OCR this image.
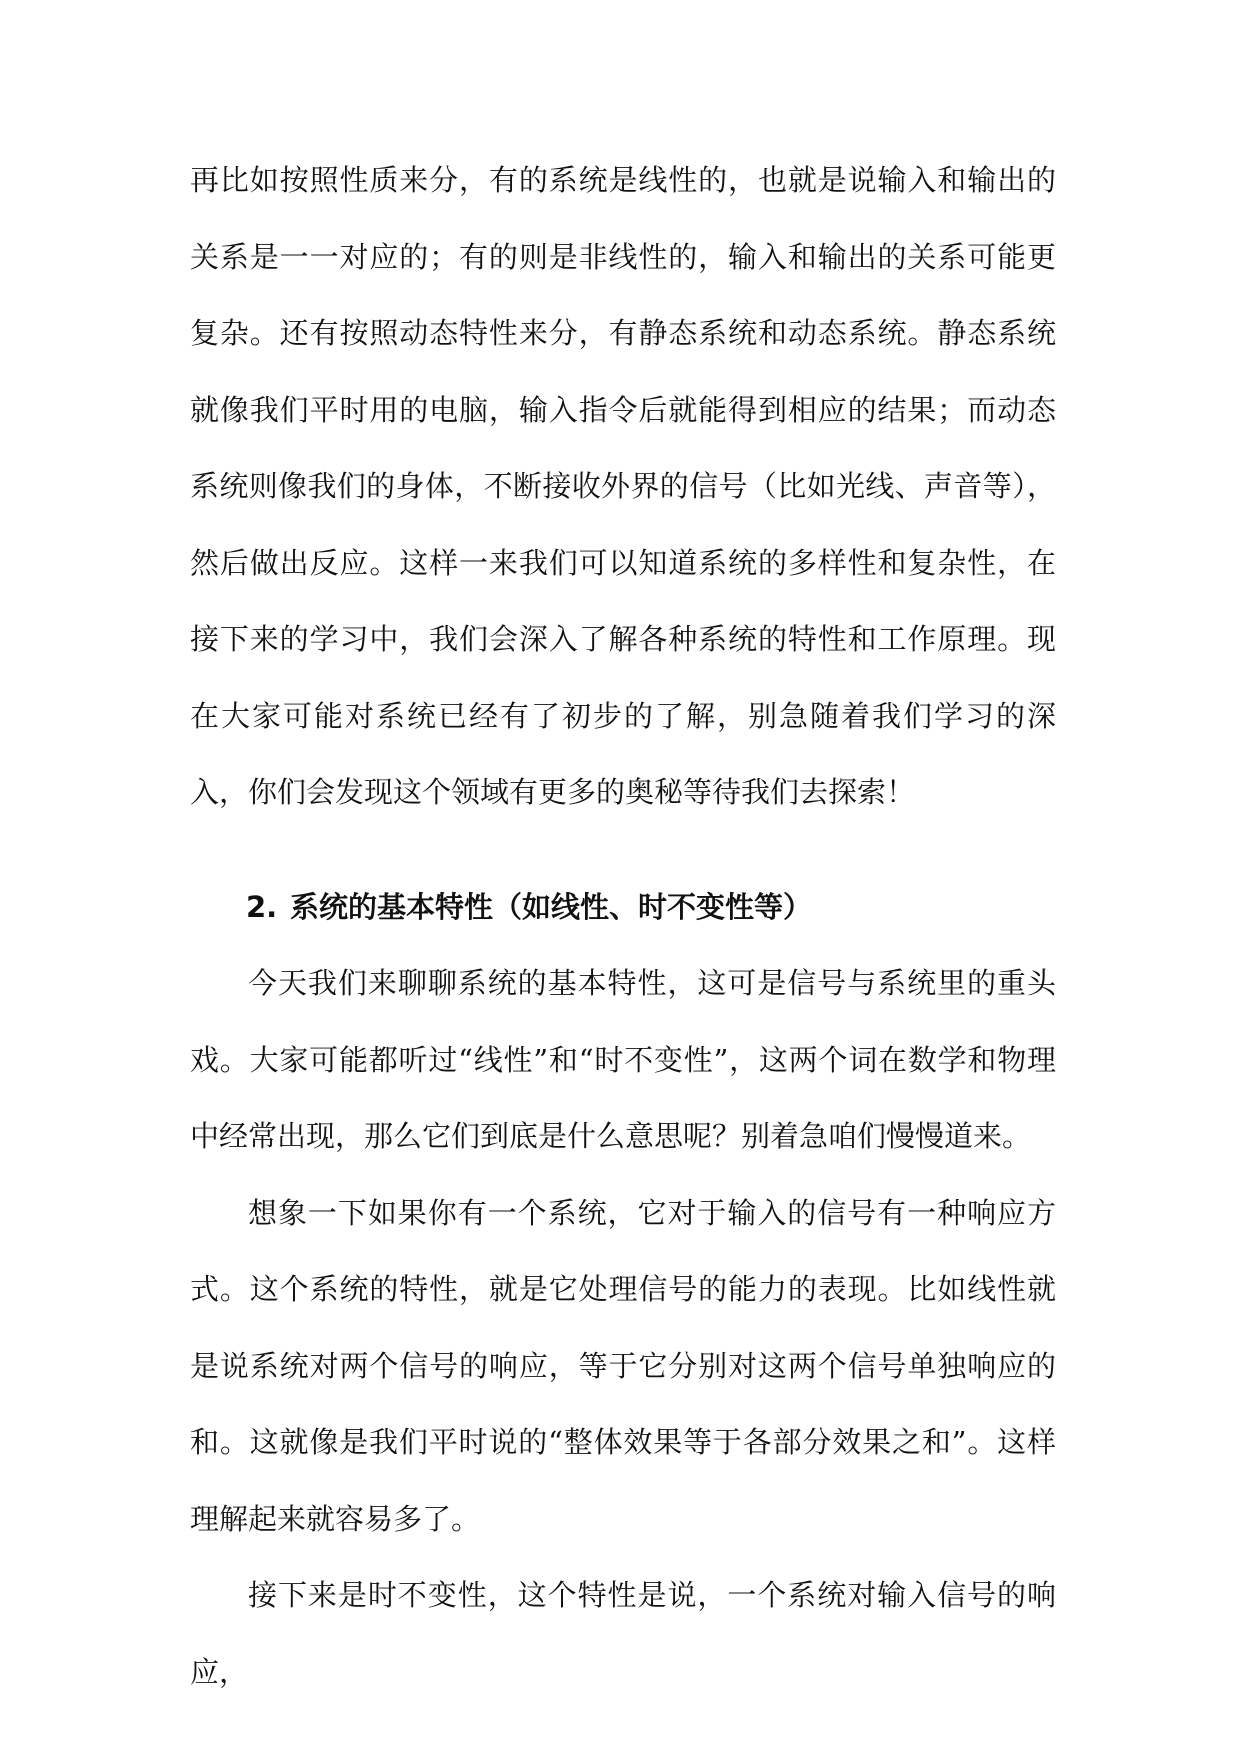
再比如按照性质来分，有的系统是线性的，也就是说输入和输出的关系是一一对应的；有的则是非线性的，输入和输出的关系可能更复杂。还有按照动态特性来分，有静态系统和动态系统。静态系统就像我们平时用的电脑，输入指令后就能得到相应的结果；而动态系统则像我们的身体，不断接收外界的信号（比如光线、声音等），然后做出反应。这样一来我们可以知道系统的多样性和复杂性，在接下来的学习中，我们会深入了解各种系统的特性和工作原理。现在大家可能对系统已经有了初步的了解，别急随着我们学习的深入，你们会发现这个领域有更多的奥秘等待我们去探索！

2. 系统的基本特性（如线性、时不变性等）

今天我们来聊聊系统的基本特性，这可是信号与系统里的重头戏。大家可能都听过“线性”和“时不变性”，这两个词在数学和物理中经常出现，那么它们到底是什么意思呢？别着急咱们慢慢道来。

想象一下如果你有一个系统，它对于输入的信号有一种响应方式。这个系统的特性，就是它处理信号的能力的表现。比如线性就是说系统对两个信号的响应，等于它分别对这两个信号单独响应的和。这就像是我们平时说的“整体效果等于各部分效果之和”。这样理解起来就容易多了。

接下来是时不变性，这个特性是说，一个系统对输入信号的响应，
